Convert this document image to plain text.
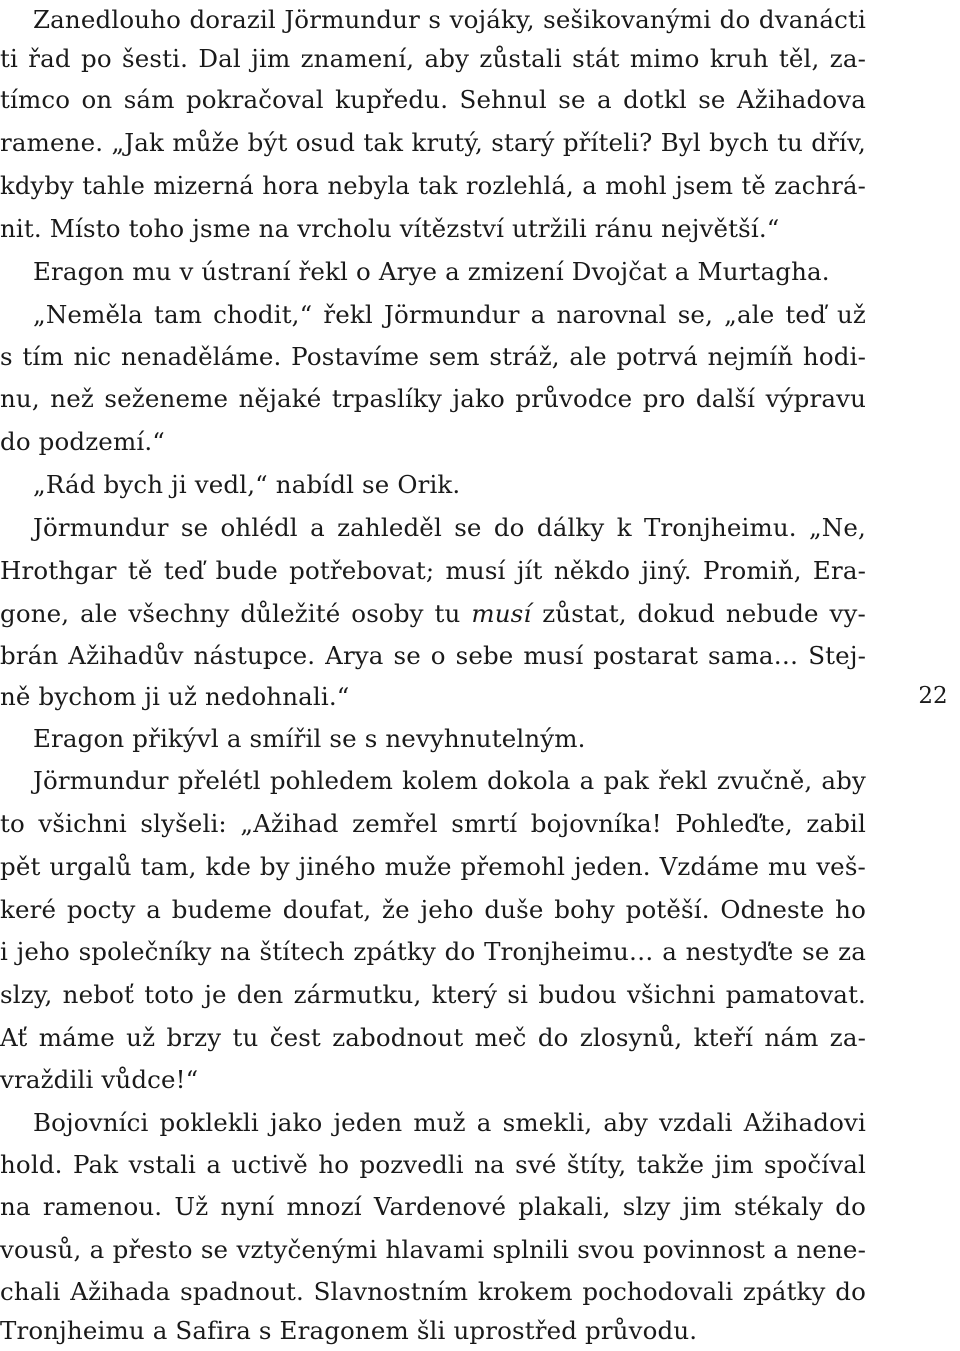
Zanedlouho dorazil Jörmundur s vojáky, sešikovanými do dvanácti
ti řad po šesti. Dal jim znamení, aby zůstali stát mimo kruh těl, za-
tímco on sám pokračoval kupředu. Sehnul se a dotkl se Ažihadova
ramene. „Jak může být osud tak krutý, starý příteli? Byl bych tu dřív,
kdyby tahle mizerná hora nebyla tak rozlehlá, a mohl jsem tě zachrá-
nit. Místo toho jsme na vrcholu vítězství utržili ránu největší.“
Eragon mu v ústraní řekl o Arye a zmizení Dvojčat a Murtagha.
„Neměla tam chodit,“ řekl Jörmundur a narovnal se, „ale teď už
s tím nic nenaděláme. Postavíme sem stráž, ale potrvá nejmíň hodi-
nu, než seženeme nějaké trpaslíky jako průvodce pro další výpravu
do podzemí.“
„Rád bych ji vedl,“ nabídl se Orik.
Jörmundur se ohlédl a zahleděl se do dálky k Tronjheimu. „Ne,
Hrothgar tě teď bude potřebovat; musí jít někdo jiný. Promiň, Era-
gone, ale všechny důležité osoby tu musí zůstat, dokud nebude vy-
brán Ažihadův nástupce. Arya se o sebe musí postarat sama… Stej-
ně bychom ji už nedohnali.“
Eragon přikývl a smířil se s nevyhnutelným.
Jörmundur přelétl pohledem kolem dokola a pak řekl zvučně, aby
to všichni slyšeli: „Ažihad zemřel smrtí bojovníka! Pohleďte, zabil
pět urgalů tam, kde by jiného muže přemohl jeden. Vzdáme mu veš-
keré pocty a budeme doufat, že jeho duše bohy potěší. Odneste ho
i jeho společníky na štítech zpátky do Tronjheimu… a nestyďte se za
slzy, neboť toto je den zármutku, který si budou všichni pamatovat.
Ať máme už brzy tu čest zabodnout meč do zlosynů, kteří nám za-
vraždili vůdce!“
Bojovníci poklekli jako jeden muž a smekli, aby vzdali Ažihadovi
hold. Pak vstali a uctivě ho pozvedli na své štíty, takže jim spočíval
na ramenou. Už nyní mnozí Vardenové plakali, slzy jim stékaly do
vousů, a přesto se vztyčenými hlavami splnili svou povinnost a nene-
chali Ažihada spadnout. Slavnostním krokem pochodovali zpátky do
Tronjheimu a Safira s Eragonem šli uprostřed průvodu.
22
